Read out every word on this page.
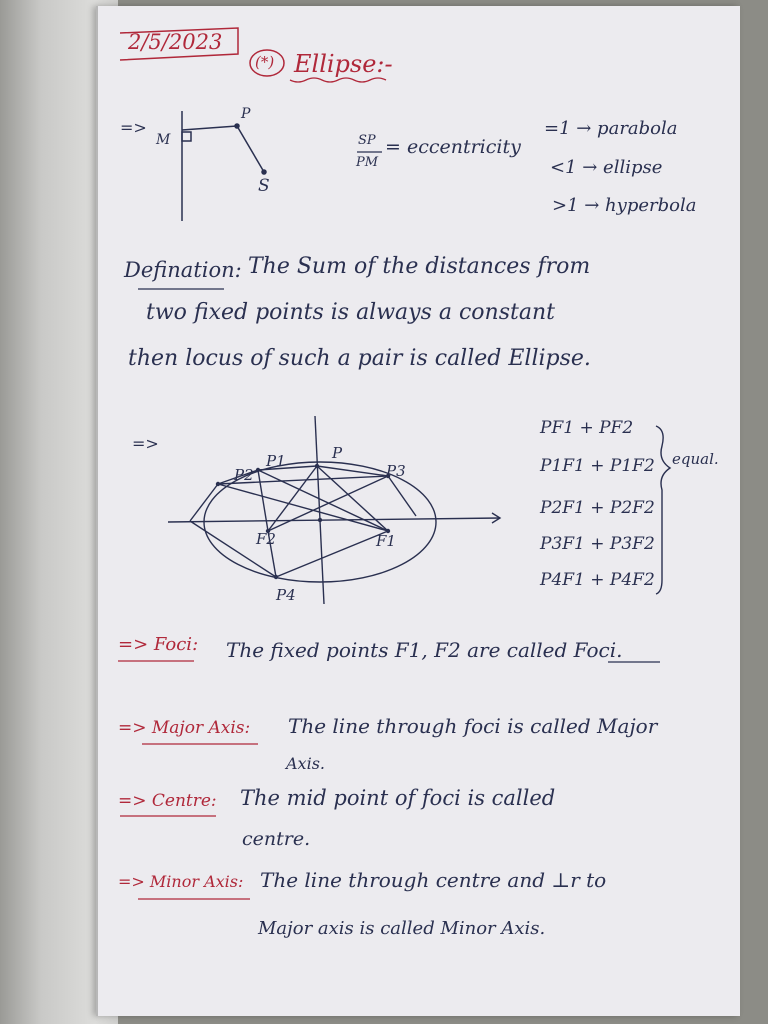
2/5/2023
(*) Ellipse:-
=>
M
P
S
SP
PM
= eccentricity
=1 → parabola
<1 → ellipse
>1 → hyperbola
Defination: The Sum of the distances from
two fixed points is always a constant
then locus of such a pair is called Ellipse.
=>	P
P1
P2	P3
P4
F2	F1
PF1 + PF2
P1F1 + P1F2
P2F1 + P2F2
P3F1 + P3F2
P4F1 + P4F2
equal.
=> Foci: The fixed points F1, F2 are called Foci.
=> Major Axis: The line through foci is called Major
Axis.
=> Centre: The mid point of foci is called
centre.
=> Minor Axis: The line through centre and ⊥r to
Major axis is called Minor Axis.
